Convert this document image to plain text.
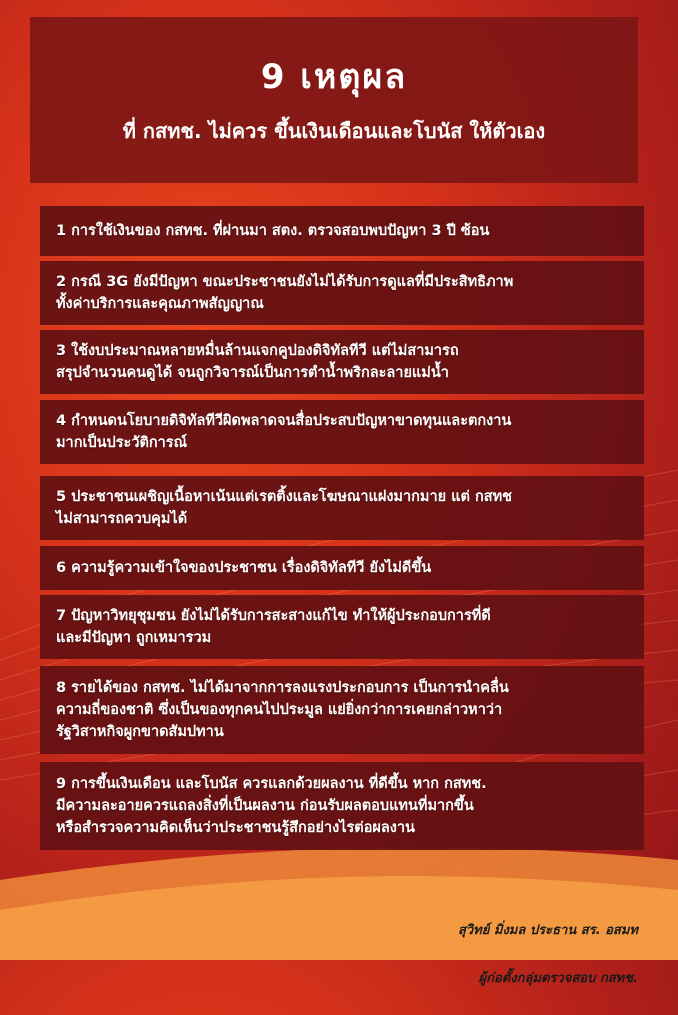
9 เหตุผล
ที่ กสทช. ไม่ควร ขึ้นเงินเดือนและโบนัส ให้ตัวเอง
1 การใช้เงินของ กสทช. ที่ผ่านมา สตง. ตรวจสอบพบปัญหา 3 ปี ซ้อน
2 กรณี 3G ยังมีปัญหา ขณะประชาชนยังไม่ได้รับการดูแลที่มีประสิทธิภาพ
ทั้งค่าบริการและคุณภาพสัญญาณ
3 ใช้งบประมาณหลายหมื่นล้านแจกคูปองดิจิทัลทีวี แต่ไม่สามารถ
สรุปจำนวนคนดูได้ จนถูกวิจารณ์เป็นการตำน้ำพริกละลายแม่น้ำ
4 กำหนดนโยบายดิจิทัลทีวีผิดพลาดจนสื่อประสบปัญหาขาดทุนและตกงาน
มากเป็นประวัติการณ์
5 ประชาชนเผชิญเนื้อหาเน้นแต่เรตติ้งและโฆษณาแฝงมากมาย แต่ กสทช
ไม่สามารถควบคุมได้
6 ความรู้ความเข้าใจของประชาชน เรื่องดิจิทัลทีวี ยังไม่ดีขึ้น
7 ปัญหาวิทยุชุมชน ยังไม่ได้รับการสะสางแก้ไข ทำให้ผู้ประกอบการที่ดี
และมีปัญหา ถูกเหมารวม
8 รายได้ของ กสทช. ไม่ได้มาจากการลงแรงประกอบการ เป็นการนำคลื่น
ความถี่ของชาติ ซึ่งเป็นของทุกคนไปประมูล แย่ยิ่งกว่าการเคยกล่าวหาว่า
รัฐวิสาหกิจผูกขาดสัมปทาน
9 การขึ้นเงินเดือน และโบนัส ควรแลกด้วยผลงาน ที่ดีขึ้น หาก กสทช.
มีความละอายควรแถลงสิ่งที่เป็นผลงาน ก่อนรับผลตอบแทนที่มากขึ้น
หรือสำรวจความคิดเห็นว่าประชาชนรู้สึกอย่างไรต่อผลงาน

สุวิทย์ มิ่งมล ประธาน สร. อสมท

ผู้ก่อตั้งกลุ่มตรวจสอบ กสทช.
